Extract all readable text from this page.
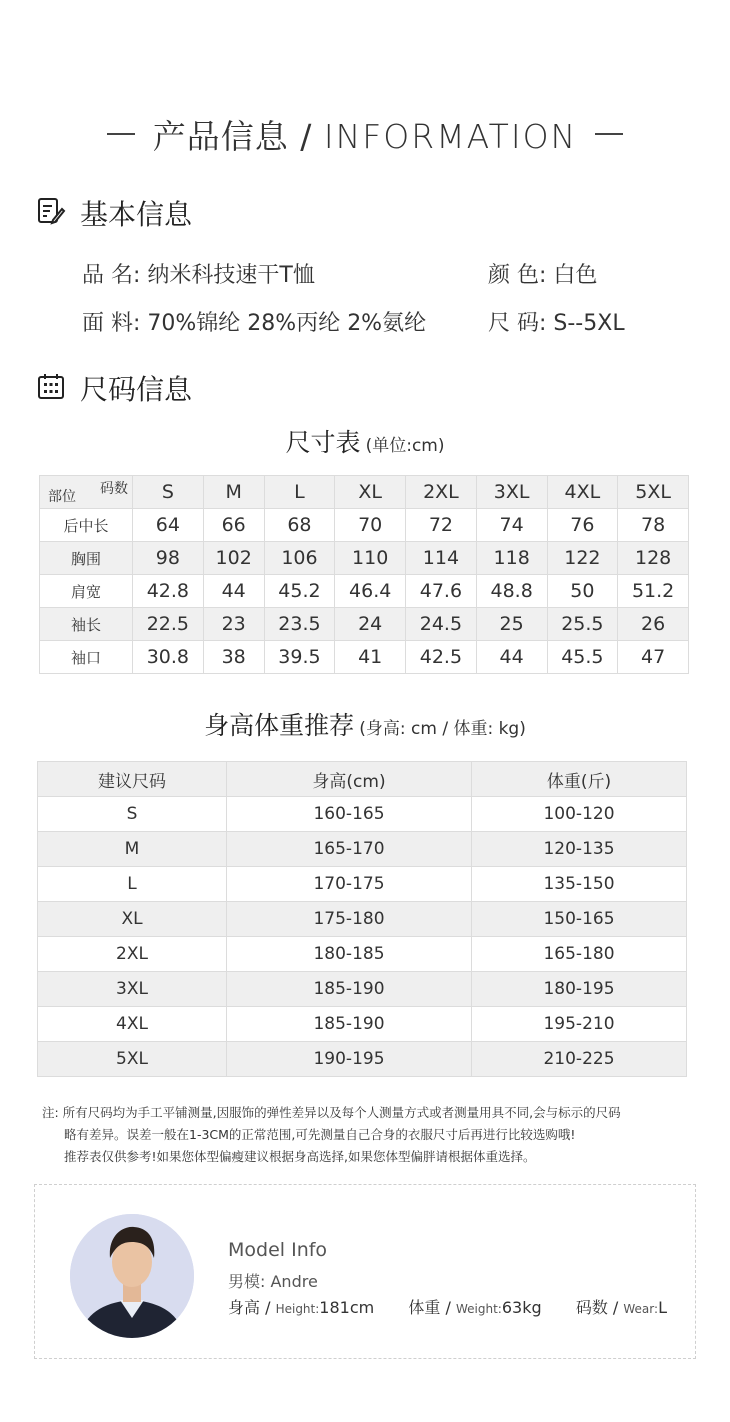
产品信息 / INFORMATION
基本信息
品 名: 纳米科技速干T恤	颜 色: 白色
面 料: 70%锦纶 28%丙纶 2%氨纶	尺 码: S--5XL
尺码信息
尺寸表 (单位:cm)
码数
部位	S	M	L	XL	2XL	3XL	4XL	5XL
后中长	64	66	68	70	72	74	76	78
胸围	98	102	106	110	114	118	122	128
肩宽	42.8	44	45.2	46.4	47.6	48.8	50	51.2
袖长	22.5	23	23.5	24	24.5	25	25.5	26
袖口	30.8	38	39.5	41	42.5	44	45.5	47
身高体重推荐 (身高: cm / 体重: kg)
建议尺码	身高(cm)	体重(斤)
S	160-165	100-120
M	165-170	120-135
L	170-175	135-150
XL	175-180	150-165
2XL	180-185	165-180
3XL	185-190	180-195
4XL	185-190	195-210
5XL	190-195	210-225
注: 所有尺码均为手工平铺测量,因服饰的弹性差异以及每个人测量方式或者测量用具不同,会与标示的尺码
略有差异。误差一般在1-3CM的正常范围,可先测量自己合身的衣服尺寸后再进行比较选购哦!
推荐表仅供参考!如果您体型偏瘦建议根据身高选择,如果您体型偏胖请根据体重选择。
Model Info
男模: Andre
身高 / Height:181cm 体重 / Weight:63kg 码数 / Wear:L
